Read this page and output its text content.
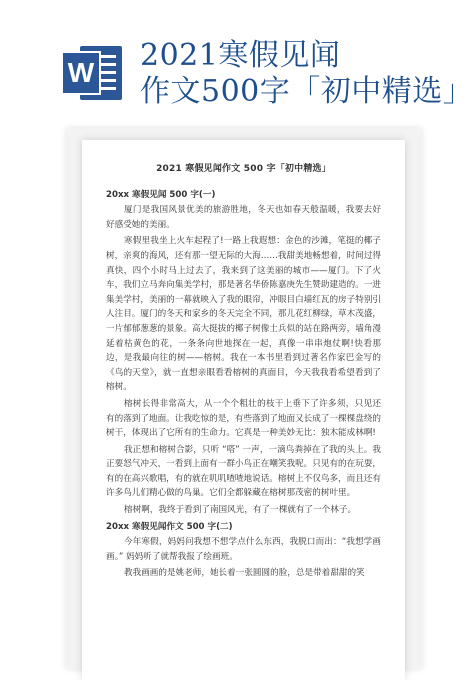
W 2021寒假见闻
作文500字「初中精选」
2021 寒假见闻作文 500 字「初中精选」
20xx 寒假见闻 500 字(一)

厦门是我国风景优美的旅游胜地，冬天也如春天般温暖，我要去好好感受她的美丽。

寒假里我坐上火车起程了!一路上我遐想：金色的沙滩，笔挺的椰子树，亲爽的海风，还有那一望无际的大海……我甜美地畅想着，时间过得真快，四个小时马上过去了，我来到了这美丽的城市——厦门。下了火车，我们立马奔向集美学村，那是著名华侨陈嘉庚先生赞助建造的。一进集美学村，美丽的一幕就映入了我的眼帘，冲眼目白墙红瓦的房子特别引人注目。厦门的冬天和家乡的冬天完全不同，那儿花红柳绿，草木茂盛，一片郁郁葱葱的景象。高大挺拔的椰子树像士兵似的站在路两旁，墙角漫延着枯黄色的花，一条条向世地探在一起，真像一串串炮仗啊!快看那边，是我最向往的树——榕树。我在一本书里看到过著名作家巴金写的《鸟的天堂》，就一直想亲眼看看榕树的真面目，今天我我看希望看到了榕树。

榕树长得非常高大，从一个个粗壮的枝干上垂下了许多须，只见还有的落到了地面。让我吃惊的是，有些落到了地面又长成了一棵棵盘绕的树干，体现出了它所有的生命力。它真是一种美妙无比：独木能成林啊!

我正想和榕树合影，只听 “嗒” 一声，一滴鸟粪掉在了我的头上。我正要怒气冲天，一看到上面有一群小鸟正在嘲笑我呢。只见有的在玩耍，有的在高兴歌唱，有的就在叽叽喳喳地说话。榕树上不仅鸟多，而且还有许多鸟儿们精心做的鸟巢。它们全都躲藏在榕树那茂密的树叶里。

榕树啊，我终于看到了南国风光，有了一棵就有了一个林子。

20xx 寒假见闻作文 500 字(二)

今年寒假，妈妈问我想不想学点什么东西，我脱口而出：“我想学画画。” 妈妈听了就帮我报了绘画班。

教我画画的是姚老师，她长着一张圆圆的脸，总是带着甜甜的笑
